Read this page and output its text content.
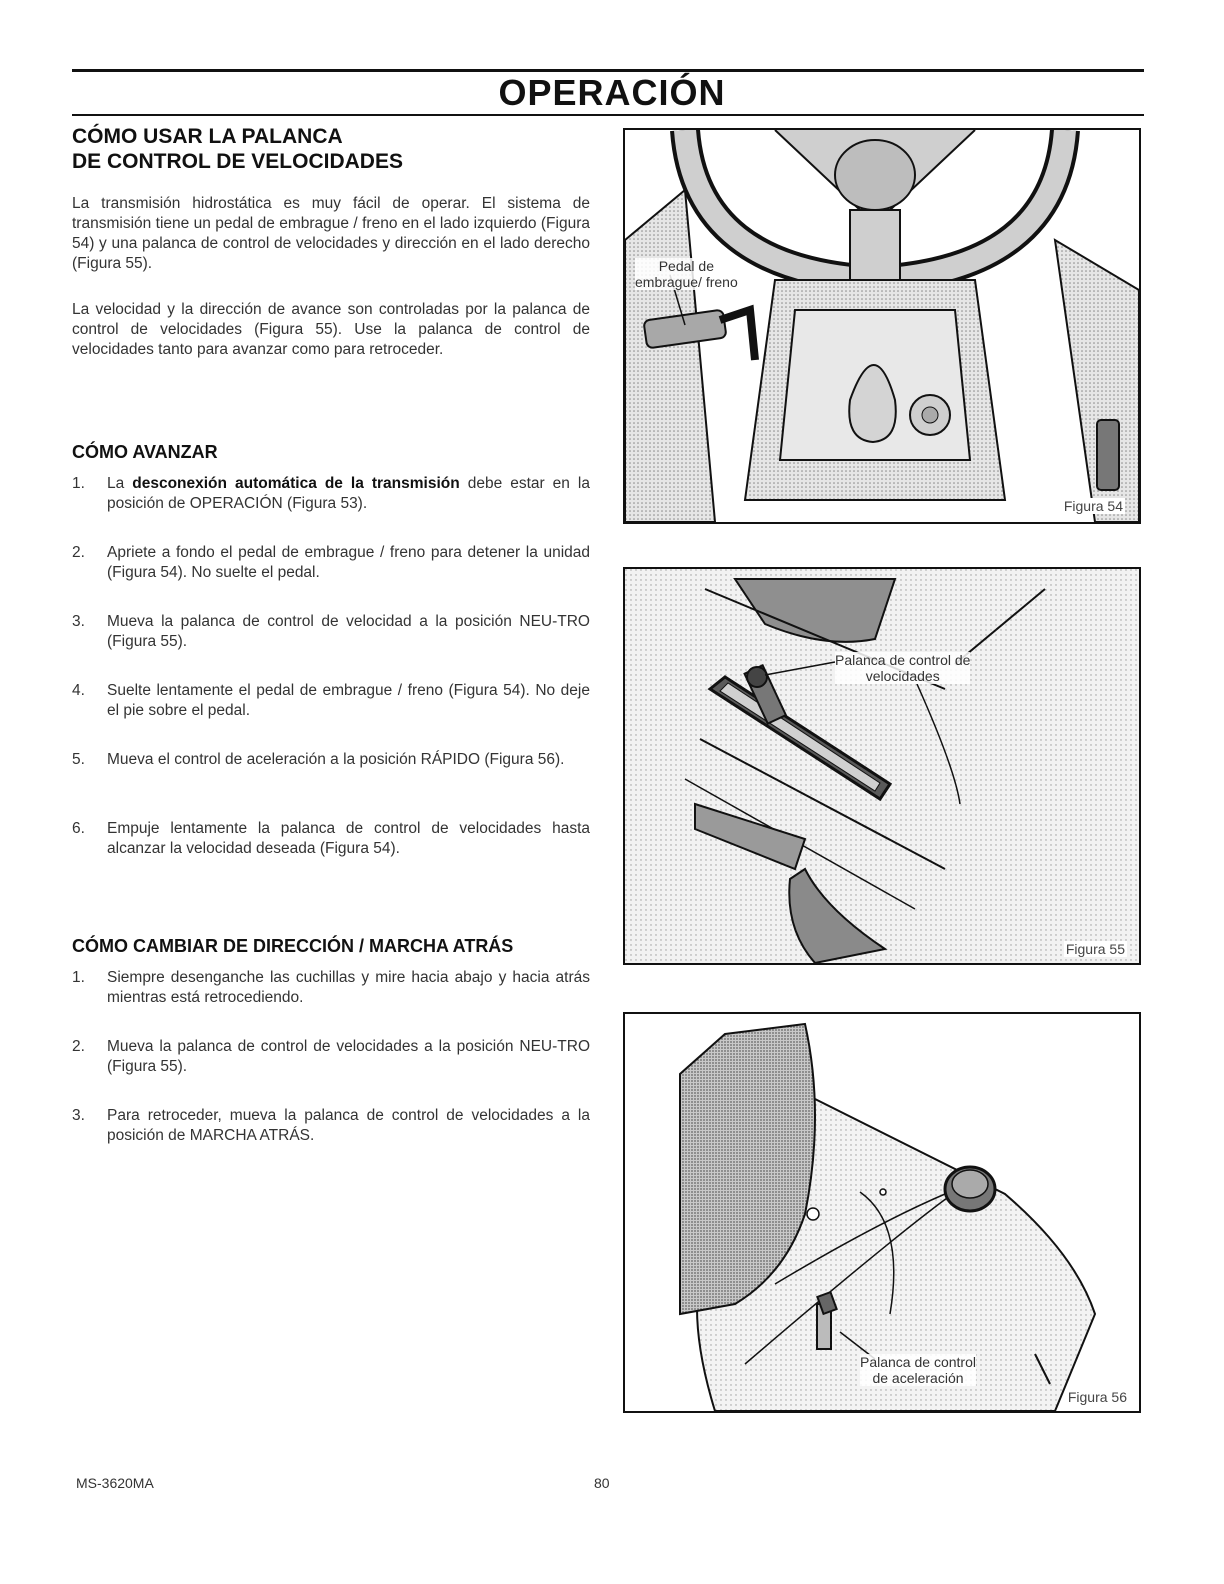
OPERACIÓN
CÓMO USAR LA PALANCA
DE CONTROL DE VELOCIDADES

La transmisión hidrostática es muy fácil de operar. El sistema de transmisión tiene un pedal de embrague / freno en el lado izquierdo (Figura 54) y una palanca de control de velocidades y dirección en el lado derecho (Figura 55).

La velocidad y la dirección de avance son controladas por la palanca de control de velocidades (Figura 55). Use la palanca de control de velocidades tanto para avanzar como para retroceder.

CÓMO AVANZAR
1. La desconexión automática de la transmisión debe estar en la posición de OPERACIÓN (Figura 53).
2. Apriete a fondo el pedal de embrague / freno para detener la unidad (Figura 54). No suelte el pedal.
3. Mueva la palanca de control de velocidad a la posición NEU-TRO (Figura 55).
4. Suelte lentamente el pedal de embrague / freno (Figura 54). No deje el pie sobre el pedal.
5. Mueva el control de aceleración a la posición RÁPIDO (Figura 56).
6. Empuje lentamente la palanca de control de velocidades hasta alcanzar la velocidad deseada (Figura 54).
CÓMO CAMBIAR DE DIRECCIÓN / MARCHA ATRÁS
1. Siempre desenganche las cuchillas y mire hacia abajo y hacia atrás mientras está retrocediendo.
2. Mueva la palanca de control de velocidades a la posición NEU-TRO (Figura 55).
3. Para retroceder, mueva la palanca de control de velocidades a la posición de MARCHA ATRÁS.
Pedal de
embrague/ freno
Figura 54
Palanca de control de
velocidades
Figura 55
Palanca de control
de aceleración
Figura 56
MS-3620MA	80
